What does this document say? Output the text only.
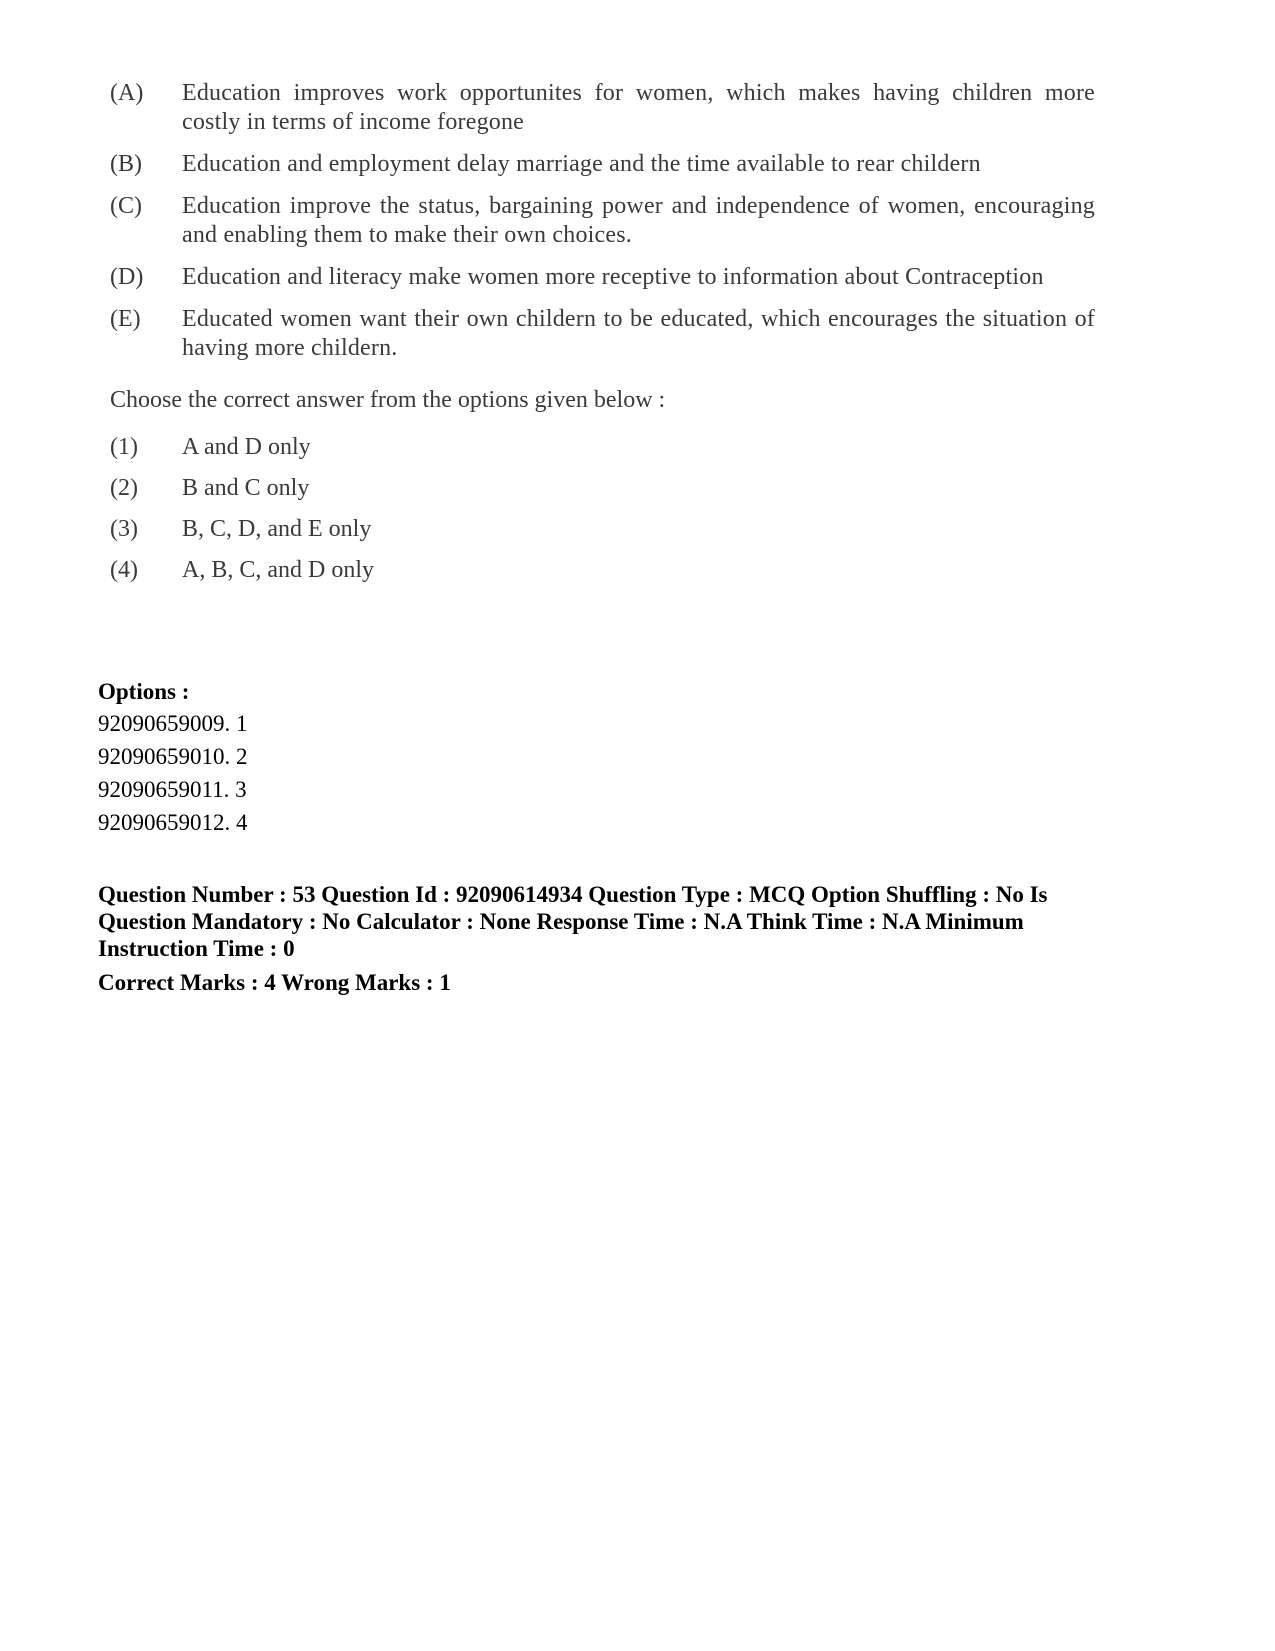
(A)	Education improves work opportunites for women, which makes having children more costly in terms of income foregone
(B)	Education and employment delay marriage and the time available to rear childern
(C)	Education improve the status, bargaining power and independence of women, encouraging and enabling them to make their own choices.
(D)	Education and literacy make women more receptive to information about Contraception
(E)	Educated women want their own childern to be educated, which encourages the situation of having more childern.
Choose the correct answer from the options given below :
(1)	A and D only
(2)	B and C only
(3)	B, C, D, and E only
(4)	A, B, C, and D only
Options :
92090659009. 1
92090659010. 2
92090659011. 3
92090659012. 4
Question Number : 53 Question Id : 92090614934 Question Type : MCQ Option Shuffling : No Is
Question Mandatory : No Calculator : None Response Time : N.A Think Time : N.A Minimum
Instruction Time : 0
Correct Marks : 4 Wrong Marks : 1
